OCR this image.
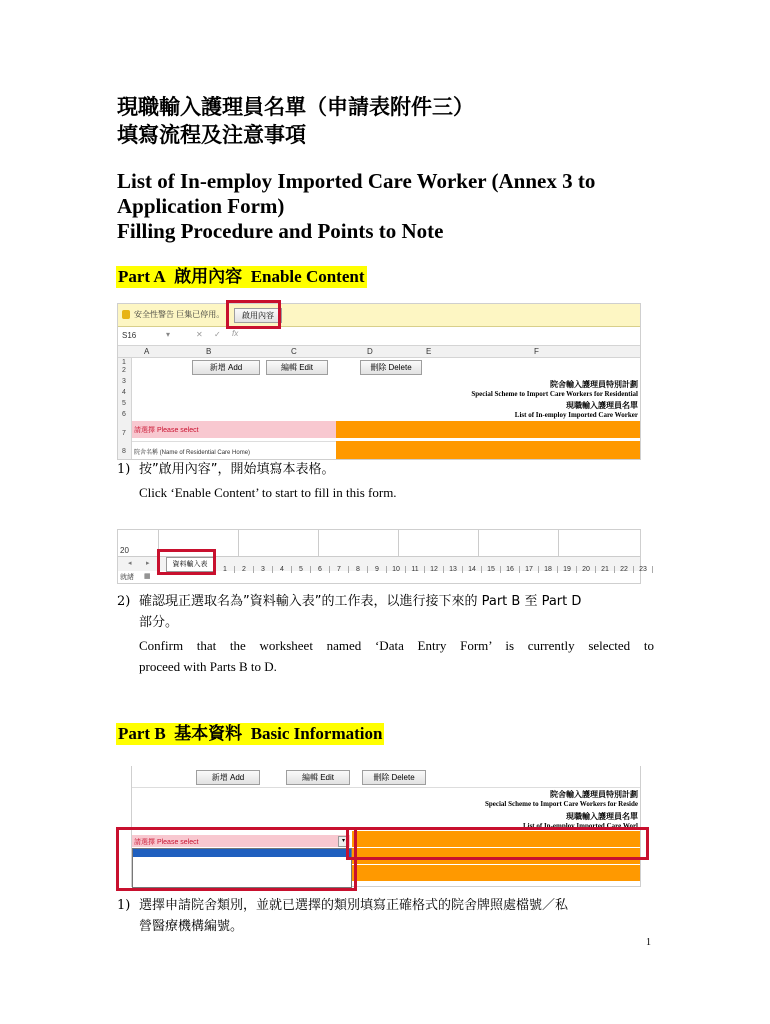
現職輸入護理員名單（申請表附件三）
填寫流程及注意事項
List of In-employ Imported Care Worker (Annex 3 to
Application Form)
Filling Procedure and Points to Note
Part A 啟用內容 Enable Content
安全性警告 巨集已停用。	啟用內容
S16	▾	✕ ✓ fx
A	B	C	D	E	F
1
2
3
4
5
6
7
8
新增 Add	編輯 Edit	刪除 Delete
院舍輸入護理員特別計劃
Special Scheme to Import Care Workers for Residential
現職輸入護理員名單
List of In-employ Imported Care Worker
請選擇 Please select
院舍名稱 (Name of Residential Care Home)
1) 按”啟用內容”，開始填寫本表格。
Click ‘Enable Content’ to start to fill in this form.
20
◂ ▸	資料輸入表
1 2 3 4 5 6 7 8 9 10 11 12 13 14 15 16 17 18 19 20 21 22 23
就緒 ▦
2) 確認現正選取名為”資料輸入表”的工作表，以進行接下來的 Part B 至 Part D
部分。
Confirm that the worksheet named ‘Data Entry Form’ is currently selected to
proceed with Parts B to D.
Part B 基本資料 Basic Information
新增 Add	編輯 Edit	刪除 Delete
院舍輸入護理員特別計劃
Special Scheme to Import Care Workers for Reside
現職輸入護理員名單
List of In-employ Imported Care Worl
請選擇 Please select	▾
1) 選擇申請院舍類別，並就已選擇的類別填寫正確格式的院舍牌照處檔號／私
營醫療機構編號。
1
